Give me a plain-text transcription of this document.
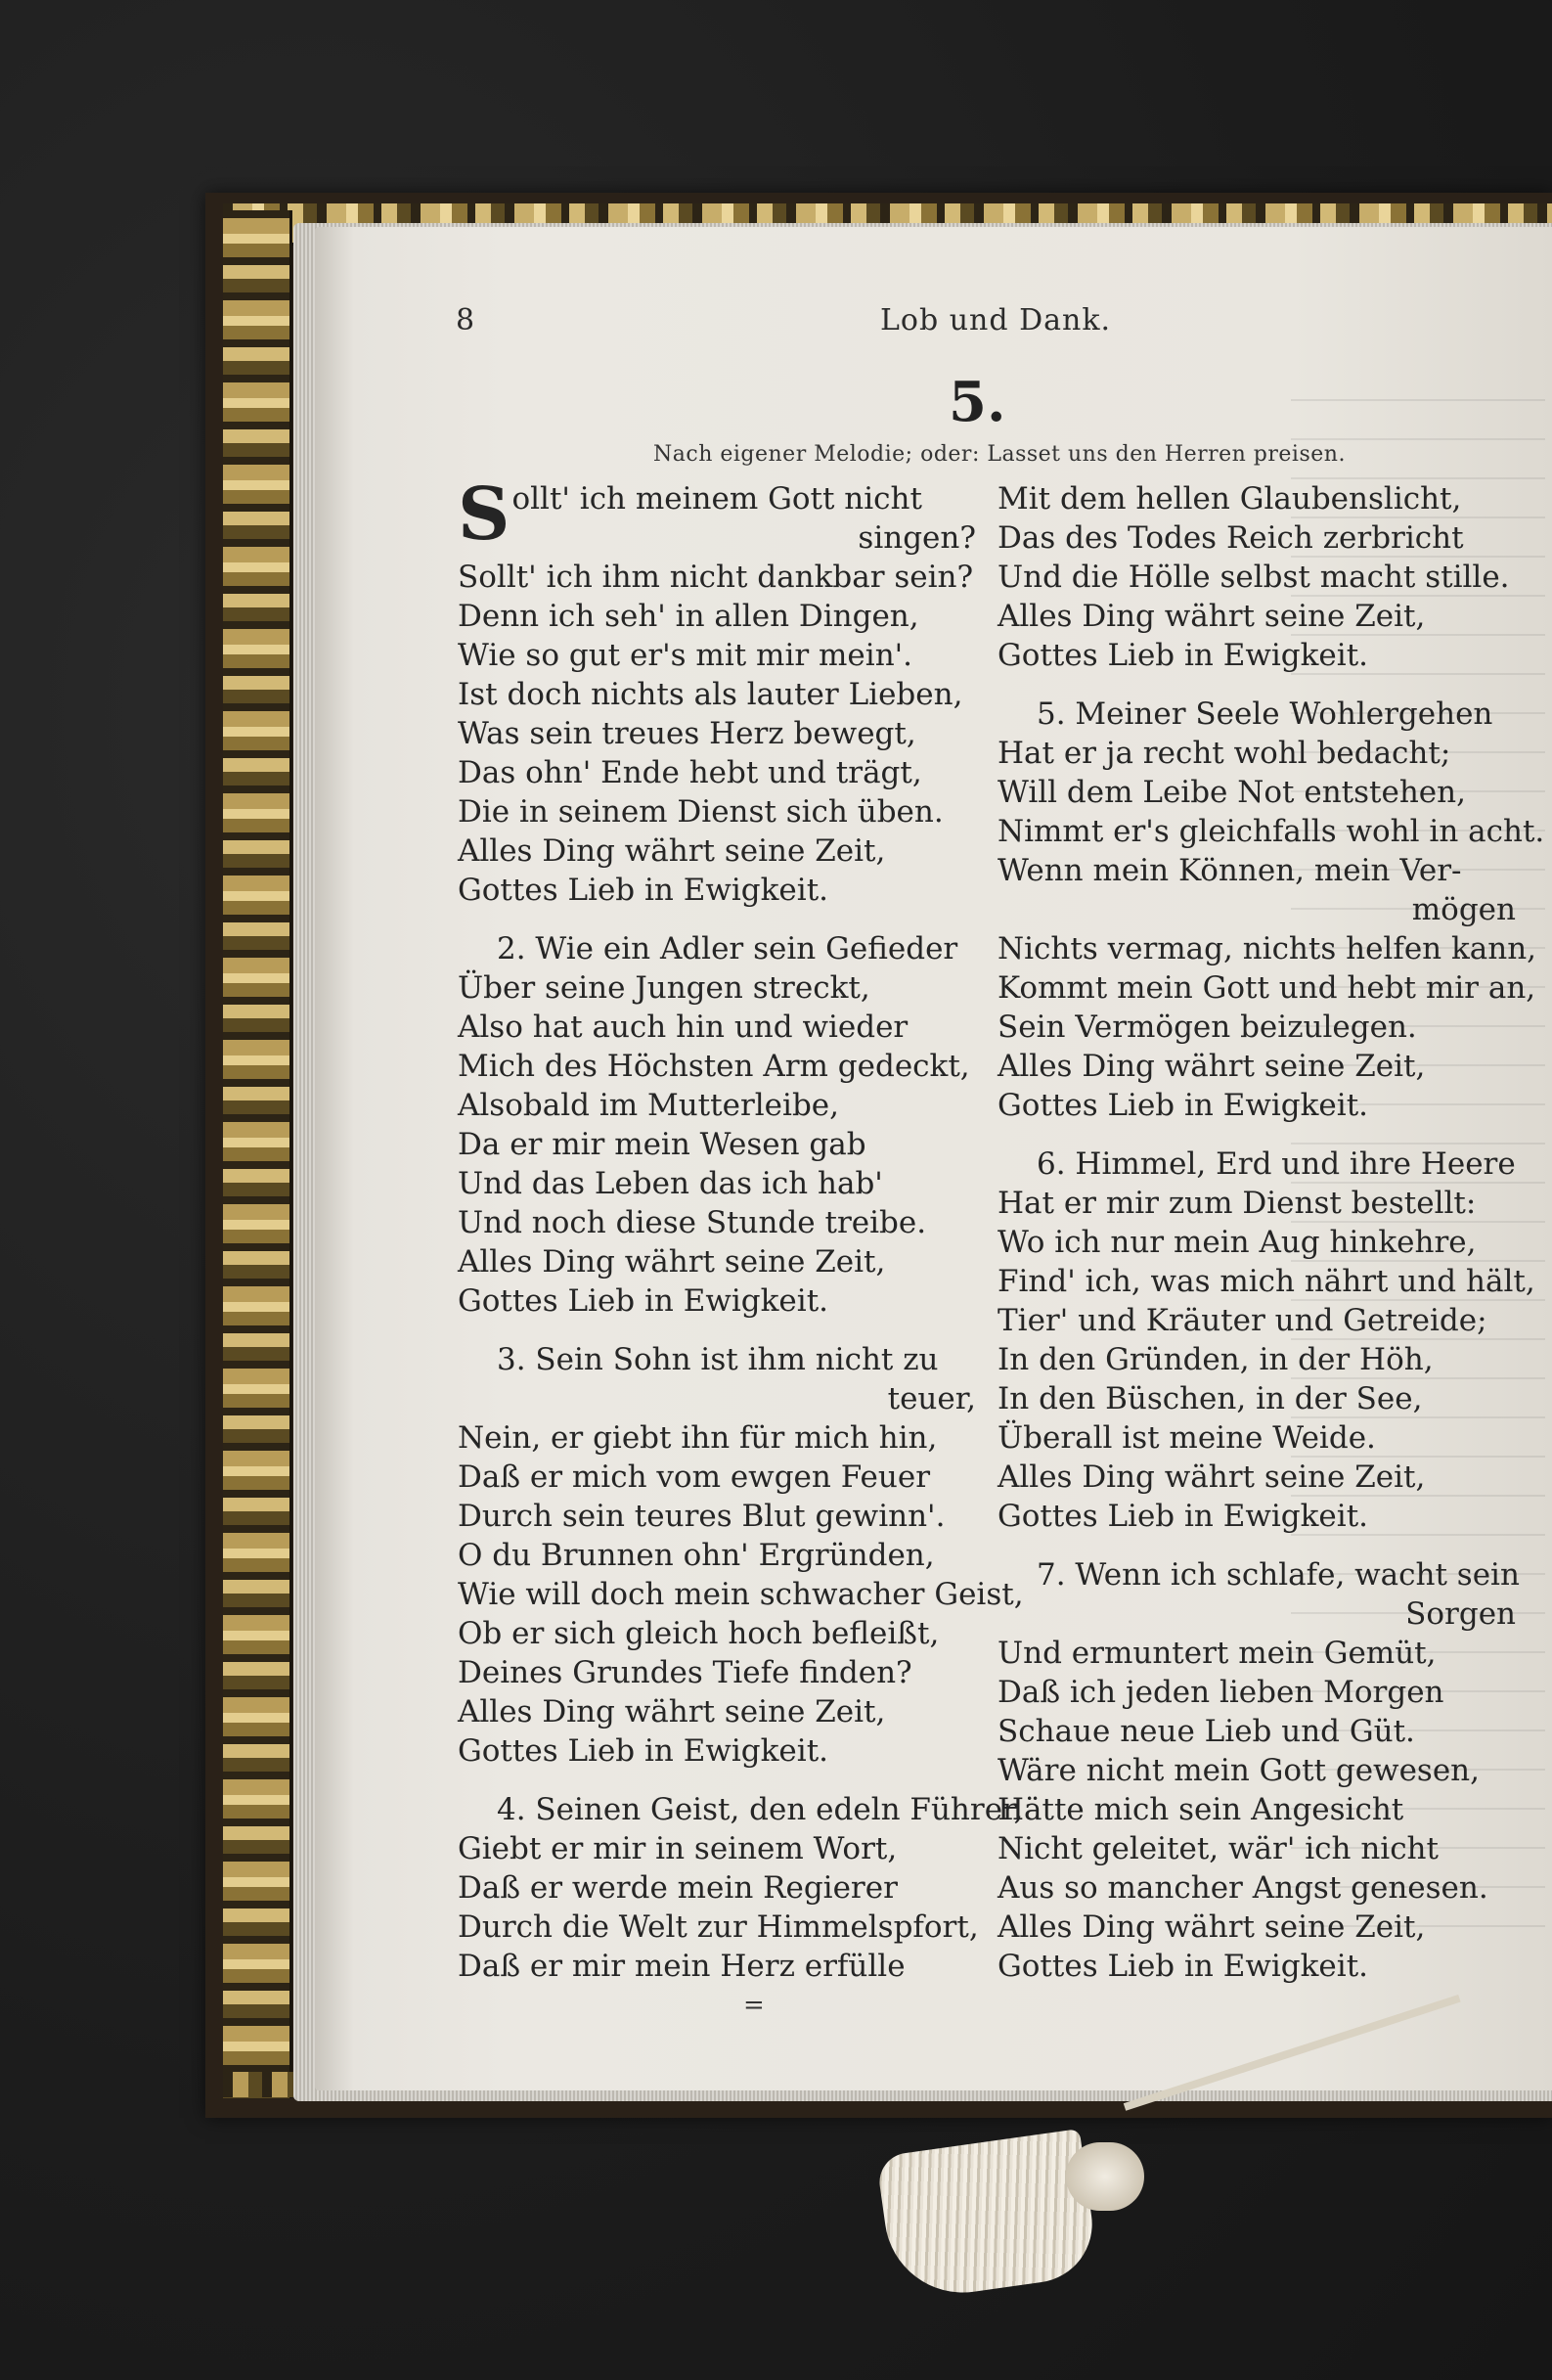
8	Lob und Dank.
5.
Nach eigener Melodie; oder: Lasset uns den Herren preisen.
Sollt' ich meinem Gott nicht
singen?
Sollt' ich ihm nicht dankbar sein?
Denn ich seh' in allen Dingen,
Wie so gut er's mit mir mein'.
Ist doch nichts als lauter Lieben,
Was sein treues Herz bewegt,
Das ohn' Ende hebt und trägt,
Die in seinem Dienst sich üben.
Alles Ding währt seine Zeit,
Gottes Lieb in Ewigkeit.
2. Wie ein Adler sein Gefieder
Über seine Jungen streckt,
Also hat auch hin und wieder
Mich des Höchsten Arm gedeckt,
Alsobald im Mutterleibe,
Da er mir mein Wesen gab
Und das Leben das ich hab'
Und noch diese Stunde treibe.
Alles Ding währt seine Zeit,
Gottes Lieb in Ewigkeit.
3. Sein Sohn ist ihm nicht zu
teuer,
Nein, er giebt ihn für mich hin,
Daß er mich vom ewgen Feuer
Durch sein teures Blut gewinn'.
O du Brunnen ohn' Ergründen,
Wie will doch mein schwacher Geist,
Ob er sich gleich hoch befleißt,
Deines Grundes Tiefe finden?
Alles Ding währt seine Zeit,
Gottes Lieb in Ewigkeit.
4. Seinen Geist, den edeln Führer,
Giebt er mir in seinem Wort,
Daß er werde mein Regierer
Durch die Welt zur Himmelspfort,
Daß er mir mein Herz erfülle
Mit dem hellen Glaubenslicht,
Das des Todes Reich zerbricht
Und die Hölle selbst macht stille.
Alles Ding währt seine Zeit,
Gottes Lieb in Ewigkeit.
5. Meiner Seele Wohlergehen
Hat er ja recht wohl bedacht;
Will dem Leibe Not entstehen,
Nimmt er's gleichfalls wohl in acht.
Wenn mein Können, mein Ver-
mögen
Nichts vermag, nichts helfen kann,
Kommt mein Gott und hebt mir an,
Sein Vermögen beizulegen.
Alles Ding währt seine Zeit,
Gottes Lieb in Ewigkeit.
6. Himmel, Erd und ihre Heere
Hat er mir zum Dienst bestellt:
Wo ich nur mein Aug hinkehre,
Find' ich, was mich nährt und hält,
Tier' und Kräuter und Getreide;
In den Gründen, in der Höh,
In den Büschen, in der See,
Überall ist meine Weide.
Alles Ding währt seine Zeit,
Gottes Lieb in Ewigkeit.
7. Wenn ich schlafe, wacht sein
Sorgen
Und ermuntert mein Gemüt,
Daß ich jeden lieben Morgen
Schaue neue Lieb und Güt.
Wäre nicht mein Gott gewesen,
Hätte mich sein Angesicht
Nicht geleitet, wär' ich nicht
Aus so mancher Angst genesen.
Alles Ding währt seine Zeit,
Gottes Lieb in Ewigkeit.
=
